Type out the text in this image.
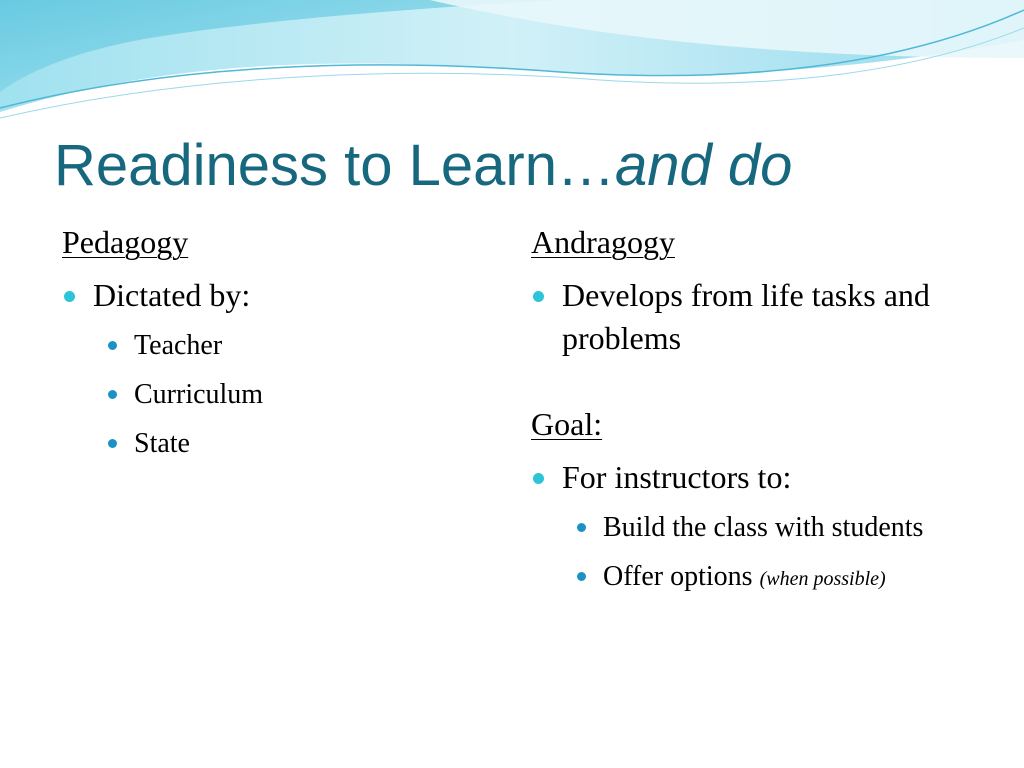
Readiness to Learn…and do

Pedagogy

Dictated by:

Teacher

Curriculum

State

Andragogy

Develops from life tasks and problems

Goal:

For instructors to:

Build the class with students

Offer options (when possible)
